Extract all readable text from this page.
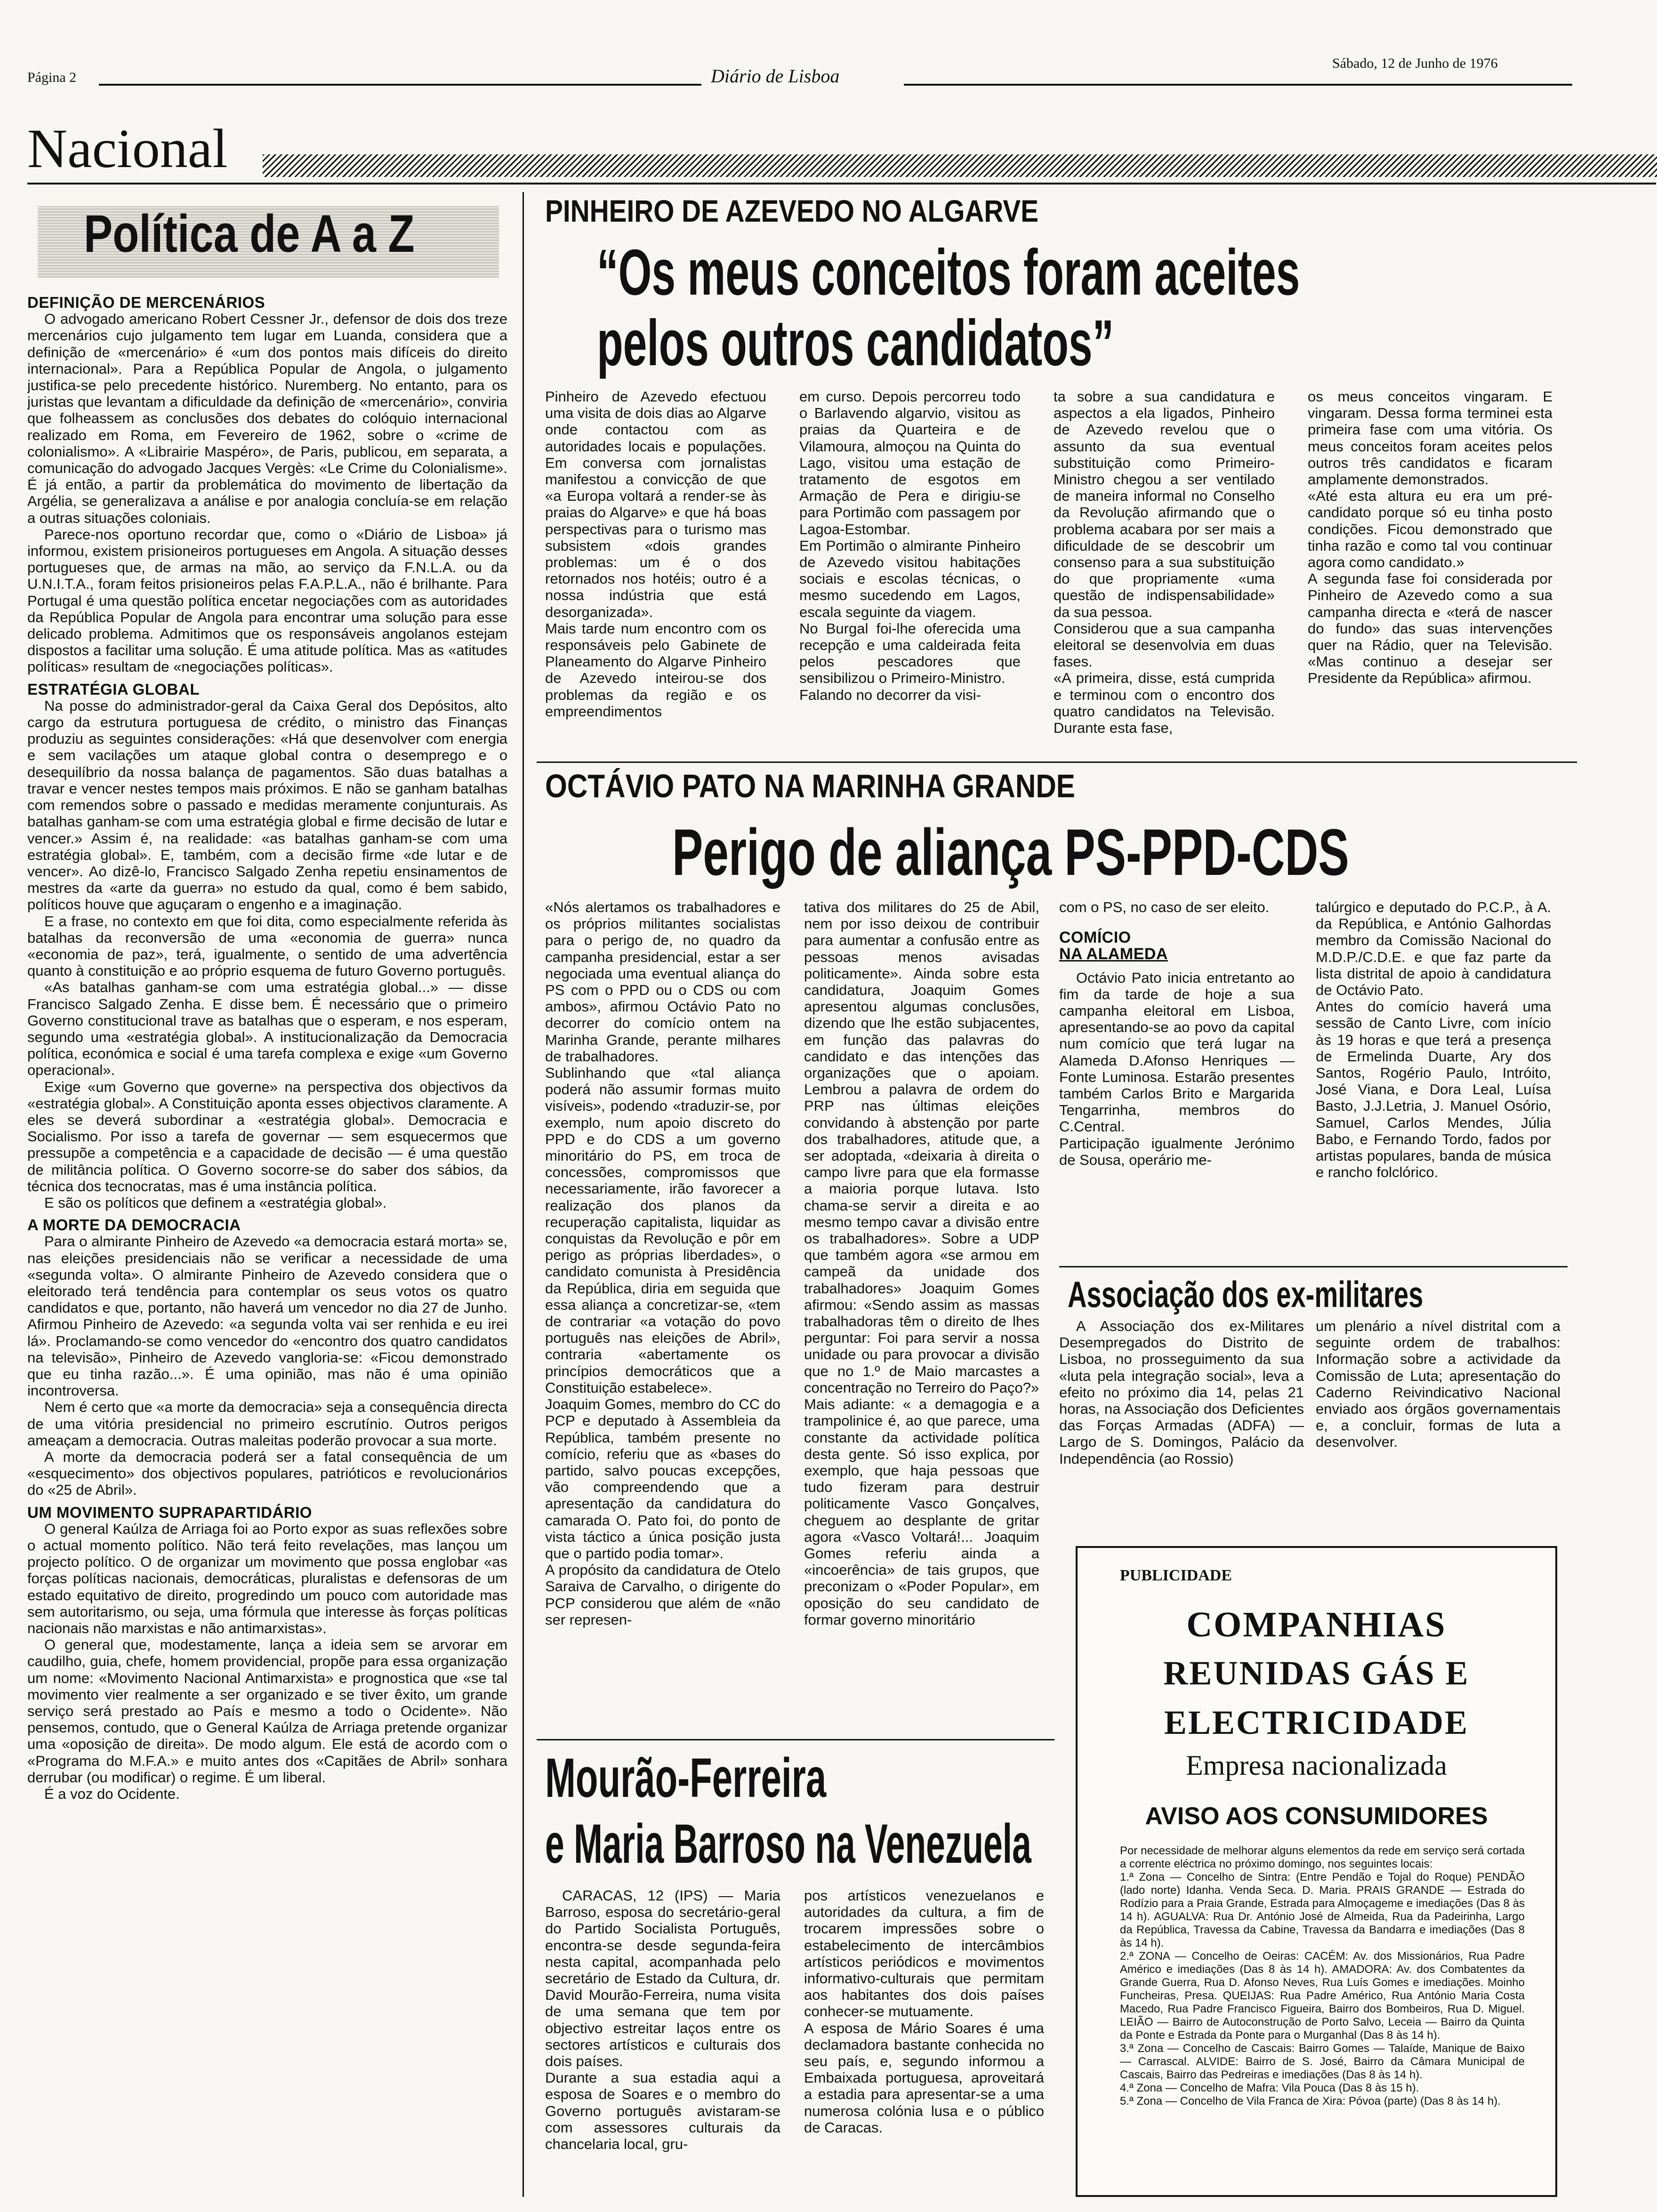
Página 2	Diário de Lisboa
Sábado, 12 de Junho de 1976
Nacional
Política de A a Z
DEFINIÇÃO DE MERCENÁRIOS

O advogado americano Robert Cessner Jr., defensor de dois dos treze mercenários cujo julgamento tem lugar em Luanda, considera que a definição de «mercenário» é «um dos pontos mais difíceis do direito internacional». Para a República Popular de Angola, o julgamento justifica-se pelo precedente histórico. Nuremberg. No entanto, para os juristas que levantam a dificuldade da definição de «mercenário», conviria que folheassem as conclusões dos debates do colóquio internacional realizado em Roma, em Fevereiro de 1962, sobre o «crime de colonialismo». A «Librairie Maspéro», de Paris, publicou, em separata, a comunicação do advogado Jacques Vergès: «Le Crime du Colonialisme». É já então, a partir da problemática do movimento de libertação da Argélia, se generalizava a análise e por analogia concluía-se em relação a outras situações coloniais.

Parece-nos oportuno recordar que, como o «Diário de Lisboa» já informou, existem prisioneiros portugueses em Angola. A situação desses portugueses que, de armas na mão, ao serviço da F.N.L.A. ou da U.N.I.T.A., foram feitos prisioneiros pelas F.A.P.L.A., não é brilhante. Para Portugal é uma questão política encetar negociações com as autoridades da República Popular de Angola para encontrar uma solução para esse delicado problema. Admitimos que os responsáveis angolanos estejam dispostos a facilitar uma solução. É uma atitude política. Mas as «atitudes políticas» resultam de «negociações políticas».

ESTRATÉGIA GLOBAL

Na posse do administrador-geral da Caixa Geral dos Depósitos, alto cargo da estrutura portuguesa de crédito, o ministro das Finanças produziu as seguintes considerações: «Há que desenvolver com energia e sem vacilações um ataque global contra o desemprego e o desequilíbrio da nossa balança de pagamentos. São duas batalhas a travar e vencer nestes tempos mais próximos. E não se ganham batalhas com remendos sobre o passado e medidas meramente conjunturais. As batalhas ganham-se com uma estratégia global e firme decisão de lutar e vencer.» Assim é, na realidade: «as batalhas ganham-se com uma estratégia global». E, também, com a decisão firme «de lutar e de vencer». Ao dizê-lo, Francisco Salgado Zenha repetiu ensinamentos de mestres da «arte da guerra» no estudo da qual, como é bem sabido, políticos houve que aguçaram o engenho e a imaginação.

E a frase, no contexto em que foi dita, como especialmente referida às batalhas da reconversão de uma «economia de guerra» nunca «economia de paz», terá, igualmente, o sentido de uma advertência quanto à constituição e ao próprio esquema de futuro Governo português.

«As batalhas ganham-se com uma estratégia global...» — disse Francisco Salgado Zenha. E disse bem. É necessário que o primeiro Governo constitucional trave as batalhas que o esperam, e nos esperam, segundo uma «estratégia global». A institucionalização da Democracia política, económica e social é uma tarefa complexa e exige «um Governo operacional».

Exige «um Governo que governe» na perspectiva dos objectivos da «estratégia global». A Constituição aponta esses objectivos claramente. A eles se deverá subordinar a «estratégia global». Democracia e Socialismo. Por isso a tarefa de governar — sem esquecermos que pressupõe a competência e a capacidade de decisão — é uma questão de militância política. O Governo socorre-se do saber dos sábios, da técnica dos tecnocratas, mas é uma instância política.

E são os políticos que definem a «estratégia global».

A MORTE DA DEMOCRACIA

Para o almirante Pinheiro de Azevedo «a democracia estará morta» se, nas eleições presidenciais não se verificar a necessidade de uma «segunda volta». O almirante Pinheiro de Azevedo considera que o eleitorado terá tendência para contemplar os seus votos os quatro candidatos e que, portanto, não haverá um vencedor no dia 27 de Junho. Afirmou Pinheiro de Azevedo: «a segunda volta vai ser renhida e eu irei lá». Proclamando-se como vencedor do «encontro dos quatro candidatos na televisão», Pinheiro de Azevedo vangloria-se: «Ficou demonstrado que eu tinha razão...». É uma opinião, mas não é uma opinião incontroversa.

Nem é certo que «a morte da democracia» seja a consequência directa de uma vitória presidencial no primeiro escrutínio. Outros perigos ameaçam a democracia. Outras maleitas poderão provocar a sua morte.

A morte da democracia poderá ser a fatal consequência de um «esquecimento» dos objectivos populares, patrióticos e revolucionários do «25 de Abril».

UM MOVIMENTO SUPRAPARTIDÁRIO

O general Kaúlza de Arriaga foi ao Porto expor as suas reflexões sobre o actual momento político. Não terá feito revelações, mas lançou um projecto político. O de organizar um movimento que possa englobar «as forças políticas nacionais, democráticas, pluralistas e defensoras de um estado equitativo de direito, progredindo um pouco com autoridade mas sem autoritarismo, ou seja, uma fórmula que interesse às forças políticas nacionais não marxistas e não antimarxistas».

O general que, modestamente, lança a ideia sem se arvorar em caudilho, guia, chefe, homem providencial, propõe para essa organização um nome: «Movimento Nacional Antimarxista» e prognostica que «se tal movimento vier realmente a ser organizado e se tiver êxito, um grande serviço será prestado ao País e mesmo a todo o Ocidente». Não pensemos, contudo, que o General Kaúlza de Arriaga pretende organizar uma «oposição de direita». De modo algum. Ele está de acordo com o «Programa do M.F.A.» e muito antes dos «Capitães de Abril» sonhara derrubar (ou modificar) o regime. É um liberal.

É a voz do Ocidente.

PINHEIRO DE AZEVEDO NO ALGARVE
“Os meus conceitos foram aceites
pelos outros candidatos”

Pinheiro de Azevedo efectuou uma visita de dois dias ao Algarve onde contactou com as autoridades locais e populações. Em conversa com jornalistas manifestou a convicção de que «a Europa voltará a render-se às praias do Algarve» e que há boas perspectivas para o turismo mas subsistem «dois grandes problemas: um é o dos retornados nos hotéis; outro é a nossa indústria que está desorganizada».
Mais tarde num encontro com os responsáveis pelo Gabinete de Planeamento do Algarve Pinheiro de Azevedo inteirou-se dos problemas da região e os empreendimentos

em curso. Depois percorreu todo o Barlavendo algarvio, visitou as praias da Quarteira e de Vilamoura, almoçou na Quinta do Lago, visitou uma estação de tratamento de esgotos em Armação de Pera e dirigiu-se para Portimão com passagem por Lagoa-Estombar.
Em Portimão o almirante Pinheiro de Azevedo visitou habitações sociais e escolas técnicas, o mesmo sucedendo em Lagos, escala seguinte da viagem.
No Burgal foi-lhe oferecida uma recepção e uma caldeirada feita pelos pescadores que sensibilizou o Primeiro-Ministro.
Falando no decorrer da visi-

ta sobre a sua candidatura e aspectos a ela ligados, Pinheiro de Azevedo revelou que o assunto da sua eventual substituição como Primeiro-Ministro chegou a ser ventilado de maneira informal no Conselho da Revolução afirmando que o problema acabara por ser mais a dificuldade de se descobrir um consenso para a sua substituição do que propriamente «uma questão de indispensabilidade» da sua pessoa.
Considerou que a sua campanha eleitoral se desenvolvia em duas fases.
«A primeira, disse, está cumprida e terminou com o encontro dos quatro candidatos na Televisão. Durante esta fase,

os meus conceitos vingaram. E vingaram. Dessa forma terminei esta primeira fase com uma vitória. Os meus conceitos foram aceites pelos outros três candidatos e ficaram amplamente demonstrados.
«Até esta altura eu era um pré-candidato porque só eu tinha posto condições. Ficou demonstrado que tinha razão e como tal vou continuar agora como candidato.»
A segunda fase foi considerada por Pinheiro de Azevedo como a sua campanha directa e «terá de nascer do fundo» das suas intervenções quer na Rádio, quer na Televisão. «Mas continuo a desejar ser Presidente da República» afirmou.

OCTÁVIO PATO NA MARINHA GRANDE
Perigo de aliança PS-PPD-CDS

«Nós alertamos os trabalhadores e os próprios militantes socialistas para o perigo de, no quadro da campanha presidencial, estar a ser negociada uma eventual aliança do PS com o PPD ou o CDS ou com ambos», afirmou Octávio Pato no decorrer do comício ontem na Marinha Grande, perante milhares de trabalhadores.
Sublinhando que «tal aliança poderá não assumir formas muito visíveis», podendo «traduzir-se, por exemplo, num apoio discreto do PPD e do CDS a um governo minoritário do PS, em troca de concessões, compromissos que necessariamente, irão favorecer a realização dos planos da recuperação capitalista, liquidar as conquistas da Revolução e pôr em perigo as próprias liberdades», o candidato comunista à Presidência da República, diria em seguida que essa aliança a concretizar-se, «tem de contrariar «a votação do povo português nas eleições de Abril», contraria «abertamente os princípios democráticos que a Constituição estabelece».
Joaquim Gomes, membro do CC do PCP e deputado à Assembleia da República, também presente no comício, referiu que as «bases do partido, salvo poucas excepções, vão compreendendo que a apresentação da candidatura do camarada O. Pato foi, do ponto de vista táctico a única posição justa que o partido podia tomar».
A propósito da candidatura de Otelo Saraiva de Carvalho, o dirigente do PCP considerou que além de «não ser represen-

tativa dos militares do 25 de Abil, nem por isso deixou de contribuir para aumentar a confusão entre as pessoas menos avisadas politicamente». Ainda sobre esta candidatura, Joaquim Gomes apresentou algumas conclusões, dizendo que lhe estão subjacentes, em função das palavras do candidato e das intenções das organizações que o apoiam. Lembrou a palavra de ordem do PRP nas últimas eleições convidando à abstenção por parte dos trabalhadores, atitude que, a ser adoptada, «deixaria à direita o campo livre para que ela formasse a maioria porque lutava. Isto chama-se servir a direita e ao mesmo tempo cavar a divisão entre os trabalhadores». Sobre a UDP que também agora «se armou em campeã da unidade dos trabalhadores» Joaquim Gomes afirmou: «Sendo assim as massas trabalhadoras têm o direito de lhes perguntar: Foi para servir a nossa unidade ou para provocar a divisão que no 1.º de Maio marcastes a concentração no Terreiro do Paço?»
Mais adiante: « a demagogia e a trampolinice é, ao que parece, uma constante da actividade política desta gente. Só isso explica, por exemplo, que haja pessoas que tudo fizeram para destruir politicamente Vasco Gonçalves, cheguem ao desplante de gritar agora «Vasco Voltará!... Joaquim Gomes referiu ainda a «incoerência» de tais grupos, que preconizam o «Poder Popular», em oposição do seu candidato de formar governo minoritário

com o PS, no caso de ser eleito.

COMÍCIO
NA ALAMEDA

Octávio Pato inicia entretanto ao fim da tarde de hoje a sua campanha eleitoral em Lisboa, apresentando-se ao povo da capital num comício que terá lugar na Alameda D.Afonso Henriques — Fonte Luminosa. Estarão presentes também Carlos Brito e Margarida Tengarrinha, membros do C.Central.
Participação igualmente Jerónimo de Sousa, operário me-

talúrgico e deputado do P.C.P., à A. da República, e António Galhordas membro da Comissão Nacional do M.D.P./C.D.E. e que faz parte da lista distrital de apoio à candidatura de Octávio Pato.
Antes do comício haverá uma sessão de Canto Livre, com início às 19 horas e que terá a presença de Ermelinda Duarte, Ary dos Santos, Rogério Paulo, Intróito, José Viana, e Dora Leal, Luísa Basto, J.J.Letria, J. Manuel Osório, Samuel, Carlos Mendes, Júlia Babo, e Fernando Tordo, fados por artistas populares, banda de música e rancho folclórico.

Associação dos ex-militares

A Associação dos ex-Militares Desempregados do Distrito de Lisboa, no prosseguimento da sua «luta pela integração social», leva a efeito no próximo dia 14, pelas 21 horas, na Associação dos Deficientes das Forças Armadas (ADFA) — Largo de S. Domingos, Palácio da Independência (ao Rossio)

um plenário a nível distrital com a seguinte ordem de trabalhos: Informação sobre a actividade da Comissão de Luta; apresentação do Caderno Reivindicativo Nacional enviado aos órgãos governamentais e, a concluir, formas de luta a desenvolver.

Mourão-Ferreira
e Maria Barroso na Venezuela

CARACAS, 12 (IPS) — Maria Barroso, esposa do secretário-geral do Partido Socialista Português, encontra-se desde segunda-feira nesta capital, acompanhada pelo secretário de Estado da Cultura, dr. David Mourão-Ferreira, numa visita de uma semana que tem por objectivo estreitar laços entre os sectores artísticos e culturais dos dois países.
Durante a sua estadia aqui a esposa de Soares e o membro do Governo português avistaram-se com assessores culturais da chancelaria local, gru-

pos artísticos venezuelanos e autoridades da cultura, a fim de trocarem impressões sobre o estabelecimento de intercâmbios artísticos periódicos e movimentos informativo-culturais que permitam aos habitantes dos dois países conhecer-se mutuamente.
A esposa de Mário Soares é uma declamadora bastante conhecida no seu país, e, segundo informou a Embaixada portuguesa, aproveitará a estadia para apresentar-se a uma numerosa colónia lusa e o público de Caracas.

PUBLICIDADE
COMPANHIAS
REUNIDAS GÁS E
ELECTRICIDADE
Empresa nacionalizada
AVISO AOS CONSUMIDORES
Por necessidade de melhorar alguns elementos da rede em serviço será cortada a corrente eléctrica no próximo domingo, nos seguintes locais:
1.ª Zona — Concelho de Sintra: (Entre Pendão e Tojal do Roque) PENDÃO (lado norte) Idanha. Venda Seca. D. Maria. PRAIS GRANDE — Estrada do Rodízio para a Praia Grande, Estrada para Almoçageme e imediações (Das 8 às 14 h). AGUALVA: Rua Dr. António José de Almeida, Rua da Padeirinha, Largo da República, Travessa da Cabine, Travessa da Bandarra e imediações (Das 8 às 14 h).
2.ª ZONA — Concelho de Oeiras: CACÉM: Av. dos Missionários, Rua Padre Américo e imediações (Das 8 às 14 h). AMADORA: Av. dos Combatentes da Grande Guerra, Rua D. Afonso Neves, Rua Luís Gomes e imediações. Moinho Funcheiras, Presa. QUEIJAS: Rua Padre Américo, Rua António Maria Costa Macedo, Rua Padre Francisco Figueira, Bairro dos Bombeiros, Rua D. Miguel. LEIÃO — Bairro de Autoconstrução de Porto Salvo, Leceia — Bairro da Quinta da Ponte e Estrada da Ponte para o Murganhal (Das 8 às 14 h).
3.ª Zona — Concelho de Cascais: Bairro Gomes — Talaíde, Manique de Baixo — Carrascal. ALVIDE: Bairro de S. José, Bairro da Câmara Municipal de Cascais, Bairro das Pedreiras e imediações (Das 8 às 14 h).
4.ª Zona — Concelho de Mafra: Vila Pouca (Das 8 às 15 h).
5.ª Zona — Concelho de Vila Franca de Xira: Póvoa (parte) (Das 8 às 14 h).
